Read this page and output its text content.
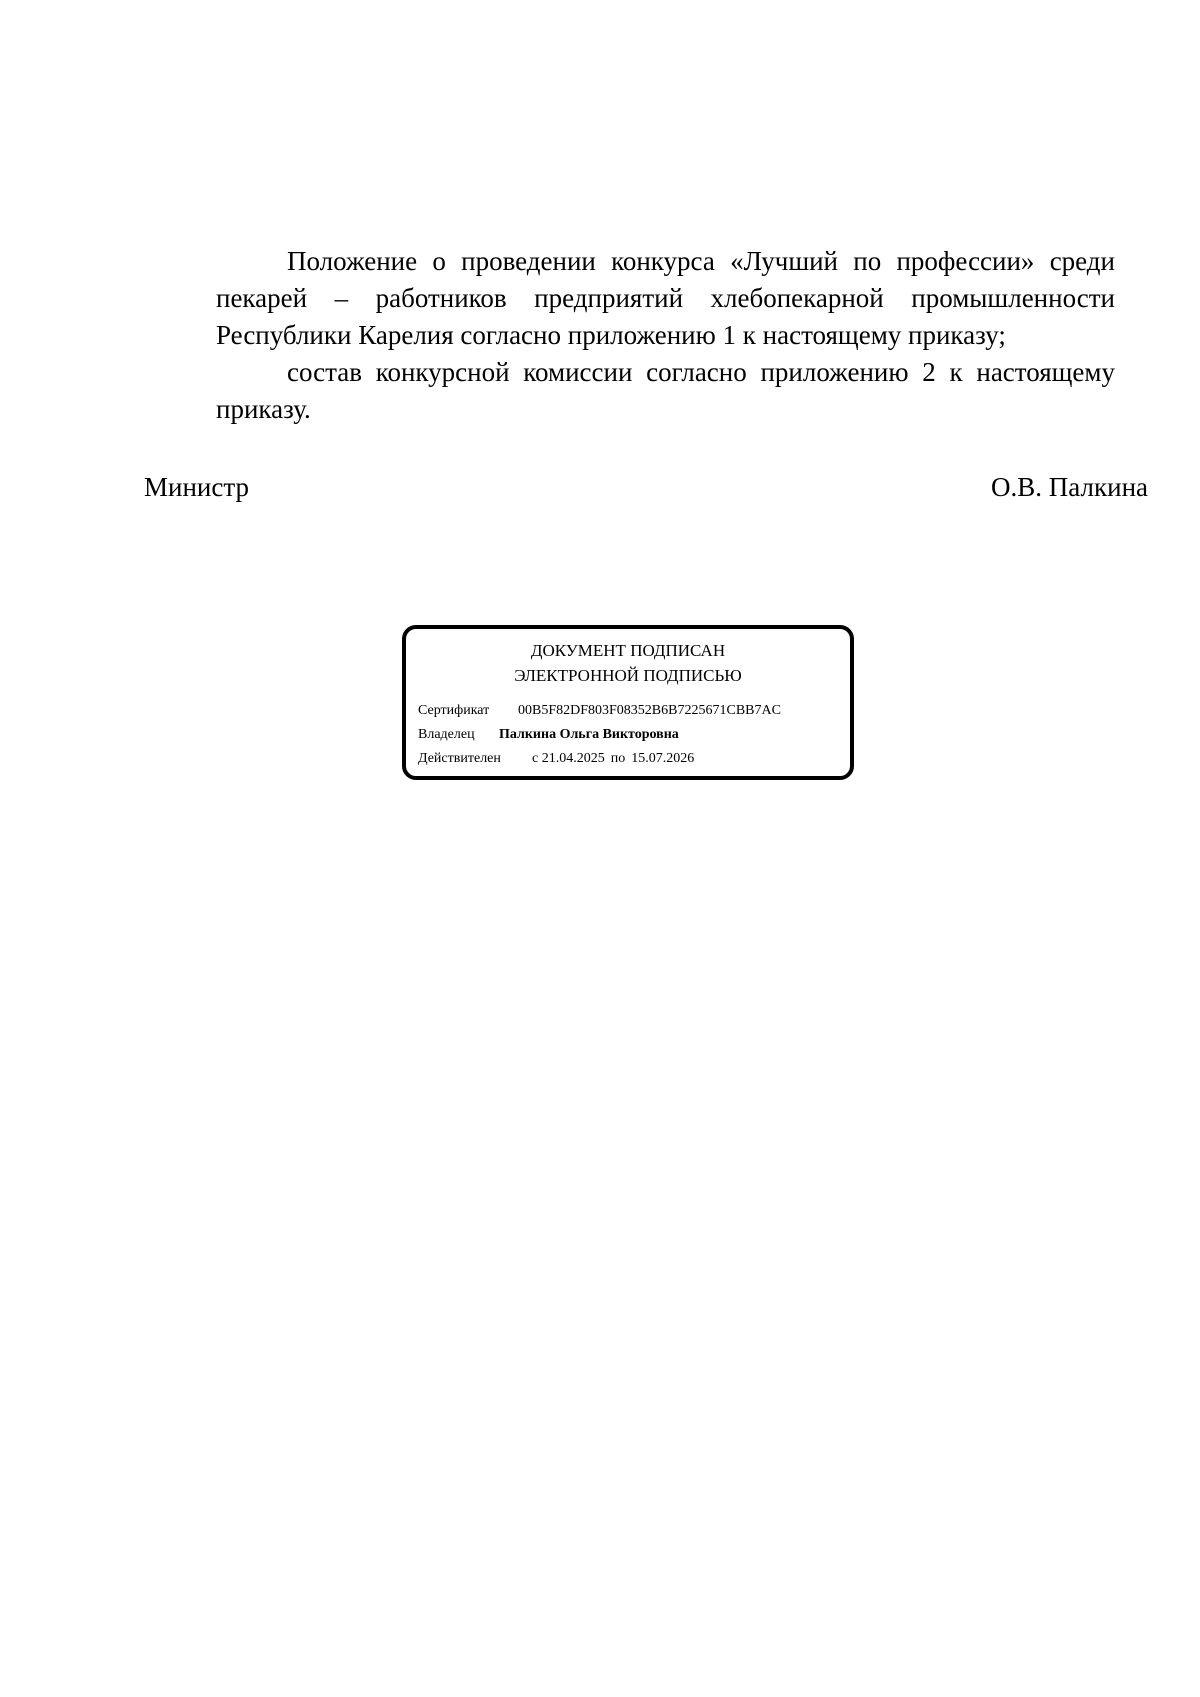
Положение о проведении конкурса «Лучший по профессии» среди пекарей – работников предприятий хлебопекарной промышленности Республики Карелия согласно приложению 1 к настоящему приказу;

состав конкурсной комиссии согласно приложению 2 к настоящему приказу.

Министр	О.В. Палкина
ДОКУМЕНТ ПОДПИСАН
ЭЛЕКТРОННОЙ ПОДПИСЬЮ
Сертификат 00B5F82DF803F08352B6B7225671CBB7AC
Владелец Палкина Ольга Викторовна
Действителен с 21.04.2025 по 15.07.2026
